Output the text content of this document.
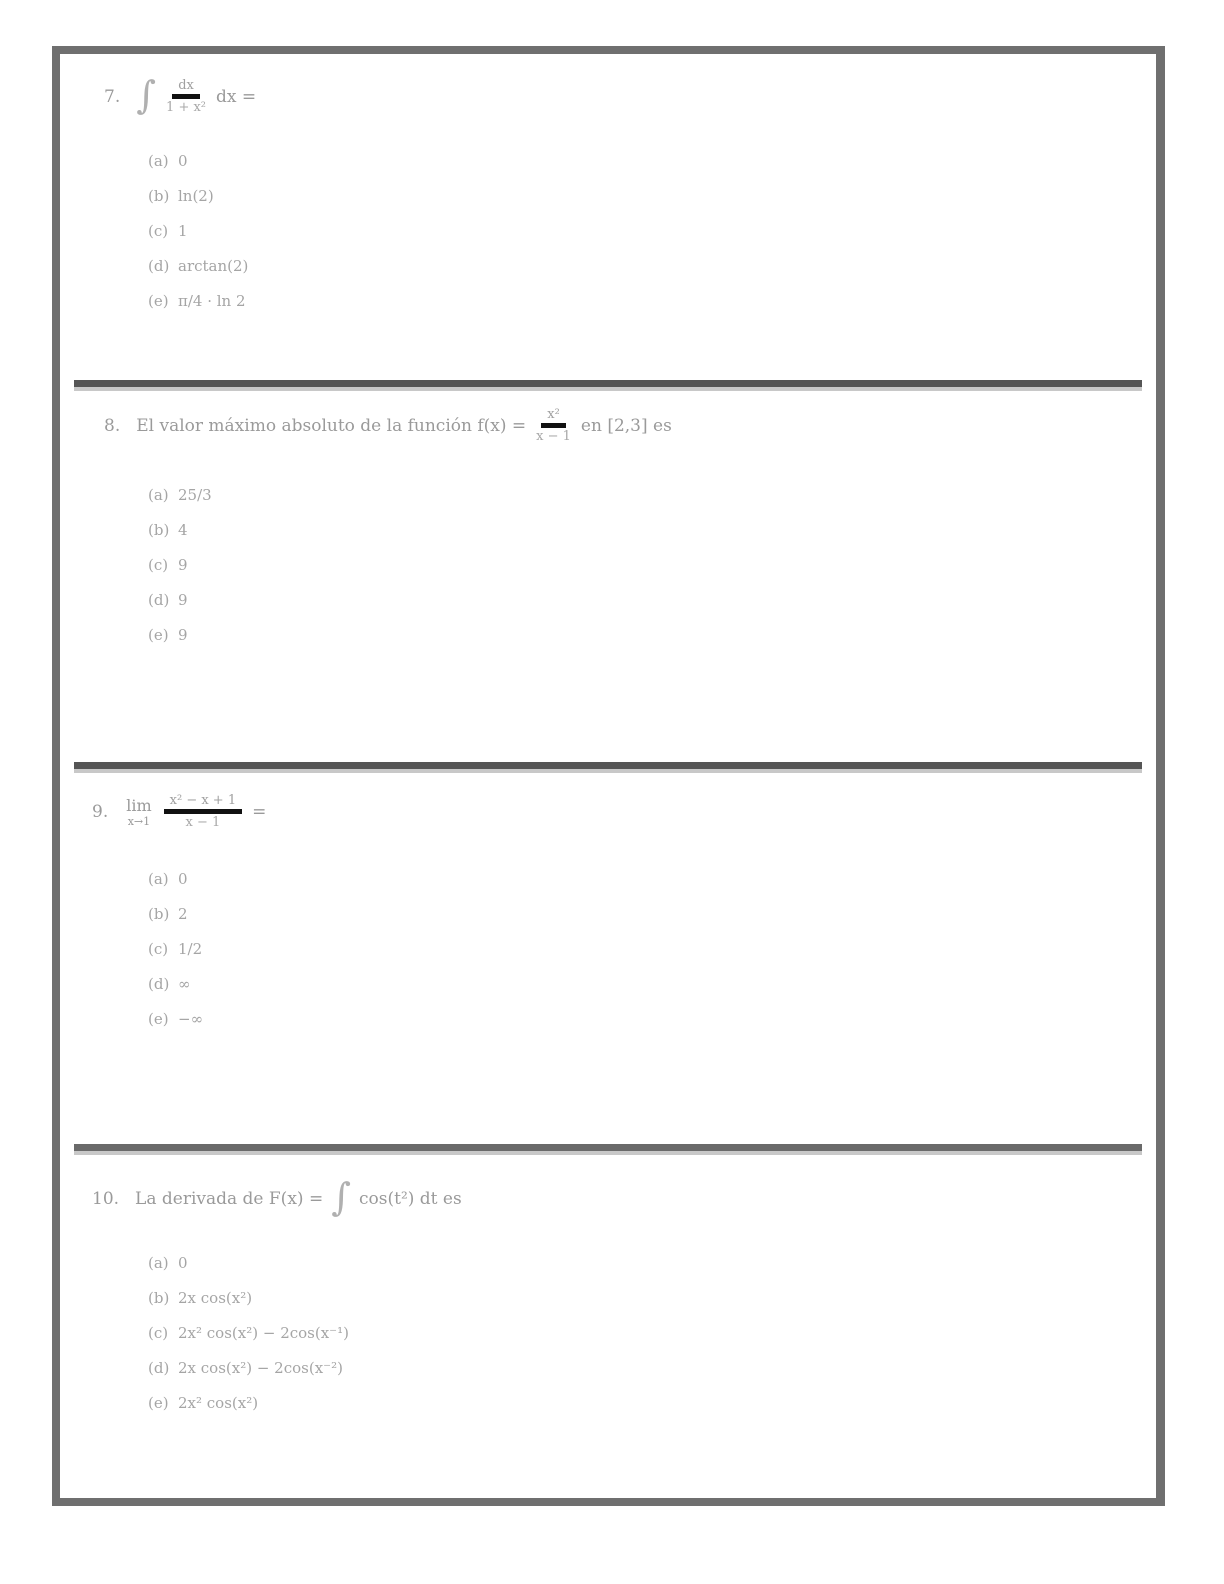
7. ∫ $\frac{dx}{\text{1 + x²}}$ dx =
(a) 0
(b) ln(2)
(c) 1
(d) arctan(2)
(e) π/4 · ln 2
8. El valor máximo absoluto de la función $f(x) = \frac{\text{x²}}{x - 1}$ en [2,3] es
(a) 25/3
(b) 4
(c) 9
(d) 9
(e) 9
9. lim
$x\to 1 \frac{\text{x² − x + 1}}{x - 1}$ =
(a) 0
(b) 2
(c) 1/2
(d) ∞
(e) −∞
10. La derivada de F(x) = ∫ cos(t²) dt es
(a) 0
(b) 2x cos(x²)
(c) 2x² cos(x²) − 2cos(x⁻¹)
(d) 2x cos(x²) − 2cos(x⁻²)
(e) 2x² cos(x²)
